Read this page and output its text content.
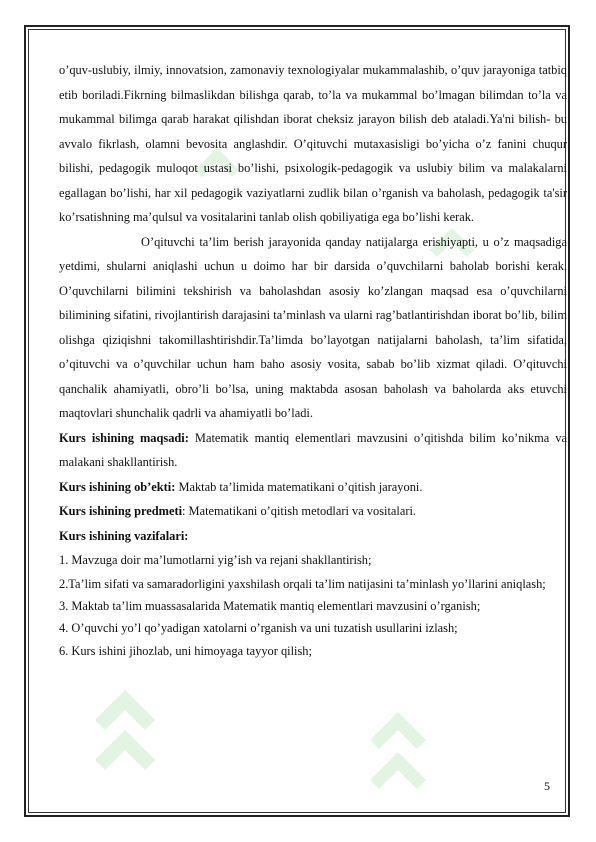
o’quv-uslubiy, ilmiy, innovatsion, zamonaviy texnologiyalar mukammalashib, o’quv jarayoniga tatbiq etib boriladi.Fikrning bilmaslikdan bilishga qarab, to’la va mukammal bo’lmagan bilimdan to’la va mukammal bilimga qarab harakat qilishdan iborat cheksiz jarayon bilish deb ataladi.Ya'ni bilish- bu avvalo fikrlash, olamni bevosita anglashdir. O’qituvchi mutaxasisligi bo’yicha o’z fanini chuqur bilishi, pedagogik muloqot ustasi bo’lishi, psixologik-pedagogik va uslubiy bilim va malakalarni egallagan bo’lishi, har xil pedagogik vaziyatlarni zudlik bilan o’rganish va baholash, pedagogik ta'sir ko’rsatishning ma’qulsul va vositalarini tanlab olish qobiliyatiga ega bo’lishi kerak.

O’qituvchi ta’lim berish jarayonida qanday natijalarga erishiyapti, u o’z maqsadiga yetdimi, shularni aniqlashi uchun u doimo har bir darsida o’quvchilarni baholab borishi kerak. O’quvchilarni bilimini tekshirish va baholashdan asosiy ko’zlangan maqsad esa o’quvchilarni bilimining sifatini, rivojlantirish darajasini ta’minlash va ularni rag’batlantirishdan iborat bo’lib, bilim olishga qiziqishni takomillashtirishdir.Ta’limda bo’layotgan natijalarni baholash, ta’lim sifatida, o’qituvchi va o’quvchilar uchun ham baho asosiy vosita, sabab bo’lib xizmat qiladi. O’qituvchi qanchalik ahamiyatli, obro’li bo’lsa, uning maktabda asosan baholash va baholarda aks etuvchi maqtovlari shunchalik qadrli va ahamiyatli bo’ladi.

Kurs ishining maqsadi: Matematik mantiq elementlari mavzusini o’qitishda bilim ko’nikma va malakani shakllantirish.

Kurs ishining ob’ekti: Maktab ta’limida matematikani o’qitish jarayoni.

Kurs ishining predmeti: Matematikani o’qitish metodlari va vositalari.

Kurs ishining vazifalari:

1. Mavzuga doir ma’lumotlarni yig’ish va rejani shakllantirish;

2.Ta’lim sifati va samaradorligini yaxshilash orqali ta’lim natijasini ta’minlash yo’llarini aniqlash;

3. Maktab ta’lim muassasalarida Matematik mantiq elementlari mavzusini o’rganish;

4. O’quvchi yo’l qo’yadigan xatolarni o’rganish va uni tuzatish usullarini izlash;

6. Kurs ishini jihozlab, uni himoyaga tayyor qilish;

5
